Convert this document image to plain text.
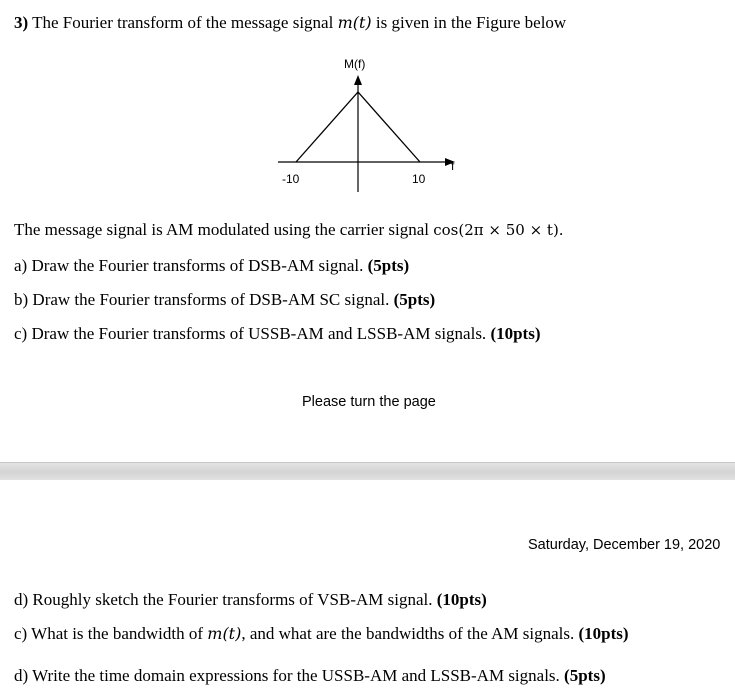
3) The Fourier transform of the message signal m(t) is given in the Figure below
M(f)
f
-10	10
The message signal is AM modulated using the carrier signal cos(2π × 50 × t).
a) Draw the Fourier transforms of DSB-AM signal. (5pts)
b) Draw the Fourier transforms of DSB-AM SC signal. (5pts)
c) Draw the Fourier transforms of USSB-AM and LSSB-AM signals. (10pts)
Please turn the page
Saturday, December 19, 2020
d) Roughly sketch the Fourier transforms of VSB-AM signal. (10pts)
c) What is the bandwidth of m(t), and what are the bandwidths of the AM signals. (10pts)
d) Write the time domain expressions for the USSB-AM and LSSB-AM signals. (5pts)
